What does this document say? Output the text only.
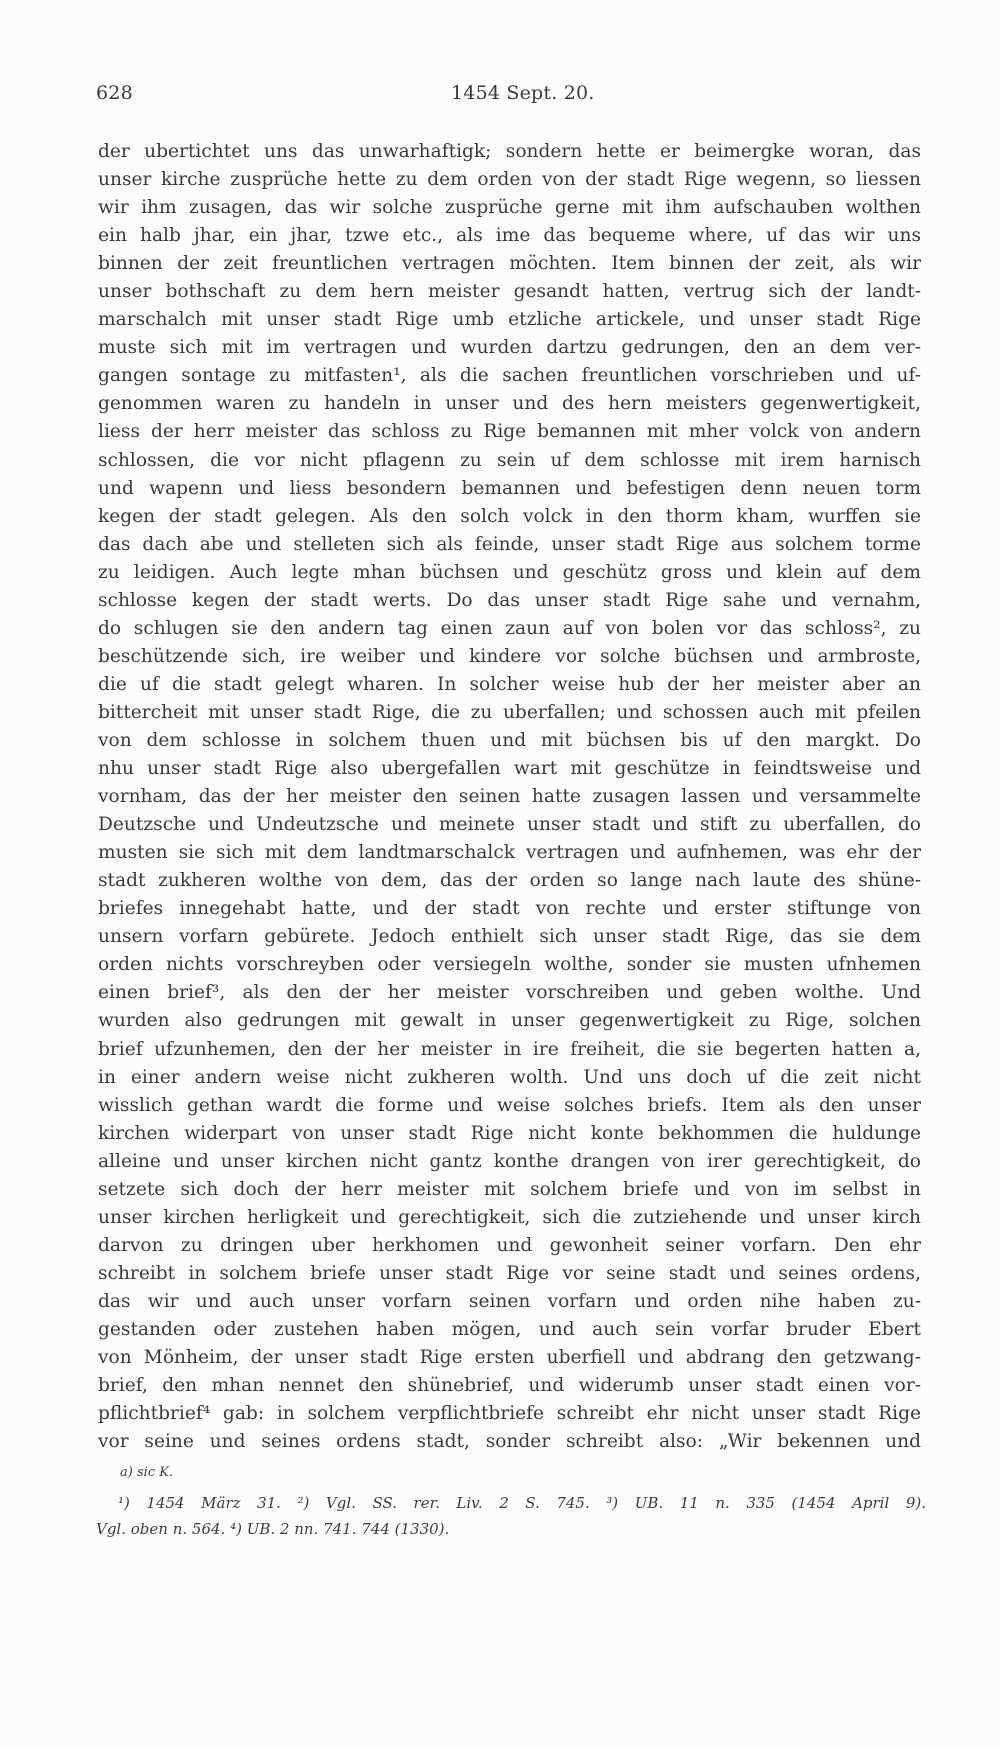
628	1454 Sept. 20.
der ubertichtet uns das unwarhaftigk; sondern hette er beimergke woran, das
unser kirche zusprüche hette zu dem orden von der stadt Rige wegenn, so liessen
wir ihm zusagen, das wir solche zusprüche gerne mit ihm aufschauben wolthen
ein halb jhar, ein jhar, tzwe etc., als ime das bequeme where, uf das wir uns
binnen der zeit freuntlichen vertragen möchten. Item binnen der zeit, als wir
unser bothschaft zu dem hern meister gesandt hatten, vertrug sich der landt-
marschalch mit unser stadt Rige umb etzliche artickele, und unser stadt Rige
muste sich mit im vertragen und wurden dartzu gedrungen, den an dem ver-
gangen sontage zu mitfasten¹, als die sachen freuntlichen vorschrieben und uf-
genommen waren zu handeln in unser und des hern meisters gegenwertigkeit,
liess der herr meister das schloss zu Rige bemannen mit mher volck von andern
schlossen, die vor nicht pflagenn zu sein uf dem schlosse mit irem harnisch
und wapenn und liess besondern bemannen und befestigen denn neuen torm
kegen der stadt gelegen. Als den solch volck in den thorm kham, wurffen sie
das dach abe und stelleten sich als feinde, unser stadt Rige aus solchem torme
zu leidigen. Auch legte mhan büchsen und geschütz gross und klein auf dem
schlosse kegen der stadt werts. Do das unser stadt Rige sahe und vernahm,
do schlugen sie den andern tag einen zaun auf von bolen vor das schloss², zu
beschützende sich, ire weiber und kindere vor solche büchsen und armbroste,
die uf die stadt gelegt wharen. In solcher weise hub der her meister aber an
bittercheit mit unser stadt Rige, die zu uberfallen; und schossen auch mit pfeilen
von dem schlosse in solchem thuen und mit büchsen bis uf den margkt. Do
nhu unser stadt Rige also ubergefallen wart mit geschütze in feindtsweise und
vornham, das der her meister den seinen hatte zusagen lassen und versammelte
Deutzsche und Undeutzsche und meinete unser stadt und stift zu uberfallen, do
musten sie sich mit dem landtmarschalck vertragen und aufnhemen, was ehr der
stadt zukheren wolthe von dem, das der orden so lange nach laute des shüne-
briefes innegehabt hatte, und der stadt von rechte und erster stiftunge von
unsern vorfarn gebürete. Jedoch enthielt sich unser stadt Rige, das sie dem
orden nichts vorschreyben oder versiegeln wolthe, sonder sie musten ufnhemen
einen brief³, als den der her meister vorschreiben und geben wolthe. Und
wurden also gedrungen mit gewalt in unser gegenwertigkeit zu Rige, solchen
brief ufzunhemen, den der her meister in ire freiheit, die sie begerten hatten a,
in einer andern weise nicht zukheren wolth. Und uns doch uf die zeit nicht
wisslich gethan wardt die forme und weise solches briefs. Item als den unser
kirchen widerpart von unser stadt Rige nicht konte bekhommen die huldunge
alleine und unser kirchen nicht gantz konthe drangen von irer gerechtigkeit, do
setzete sich doch der herr meister mit solchem briefe und von im selbst in
unser kirchen herligkeit und gerechtigkeit, sich die zutziehende und unser kirch
darvon zu dringen uber herkhomen und gewonheit seiner vorfarn. Den ehr
schreibt in solchem briefe unser stadt Rige vor seine stadt und seines ordens,
das wir und auch unser vorfarn seinen vorfarn und orden nihe haben zu-
gestanden oder zustehen haben mögen, und auch sein vorfar bruder Ebert
von Mönheim, der unser stadt Rige ersten uberfiell und abdrang den getzwang-
brief, den mhan nennet den shünebrief, und widerumb unser stadt einen vor-
pflichtbrief⁴ gab: in solchem verpflichtbriefe schreibt ehr nicht unser stadt Rige
vor seine und seines ordens stadt, sonder schreibt also: „Wir bekennen und
a) sic K.
¹) 1454 März 31. ²) Vgl. SS. rer. Liv. 2 S. 745. ³) UB. 11 n. 335 (1454 April 9).
Vgl. oben n. 564. ⁴) UB. 2 nn. 741. 744 (1330).
